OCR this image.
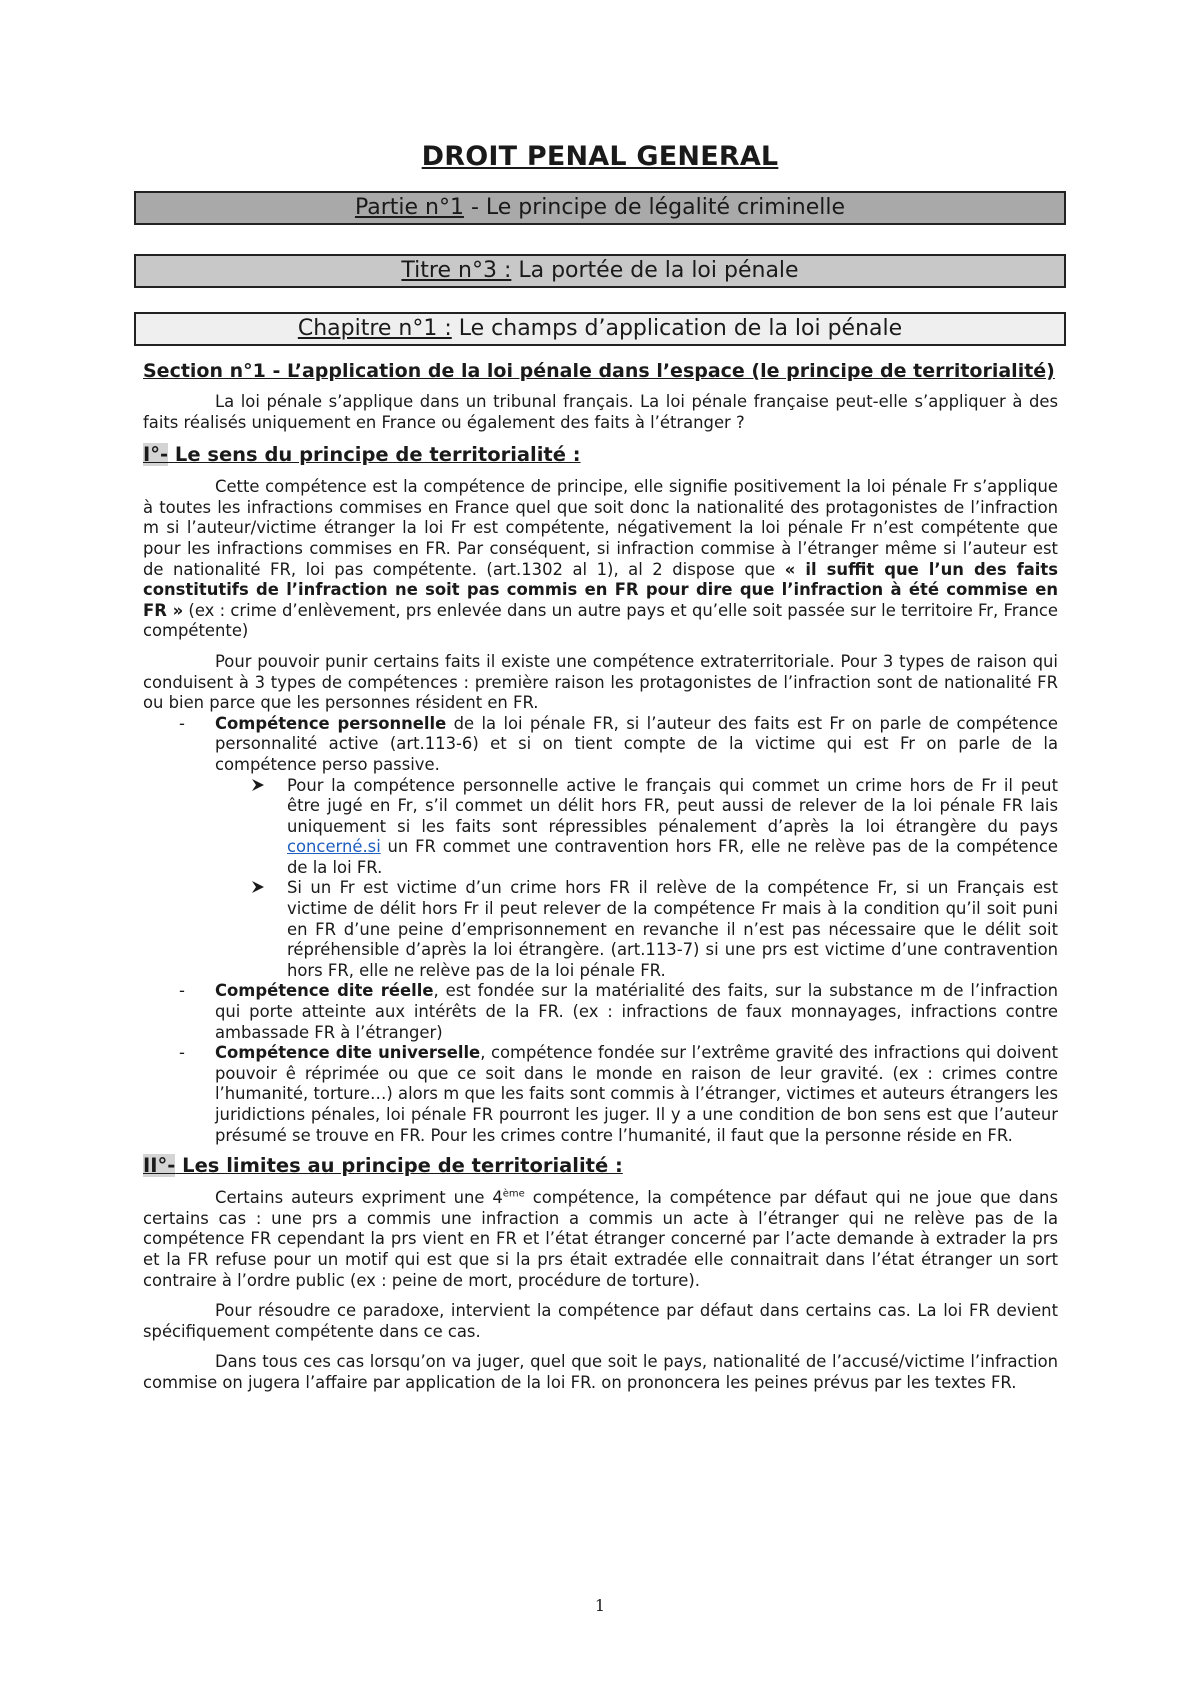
DROIT PENAL GENERAL
Partie n°1 - Le principe de légalité criminelle
Titre n°3 : La portée de la loi pénale
Chapitre n°1 : Le champs d’application de la loi pénale
Section n°1 - L’application de la loi pénale dans l’espace (le principe de territorialité)

La loi pénale s’applique dans un tribunal français. La loi pénale française peut-elle s’appliquer à des faits réalisés uniquement en France ou également des faits à l’étranger ?

I°- Le sens du principe de territorialité :

Cette compétence est la compétence de principe, elle signifie positivement la loi pénale Fr s’applique à toutes les infractions commises en France quel que soit donc la nationalité des protagonistes de l’infraction m si l’auteur/victime étranger la loi Fr est compétente, négativement la loi pénale Fr n’est compétente que pour les infractions commises en FR. Par conséquent, si infraction commise à l’étranger même si l’auteur est de nationalité FR, loi pas compétente. (art.1302 al 1), al 2 dispose que « il suffit que l’un des faits constitutifs de l’infraction ne soit pas commis en FR pour dire que l’infraction à été commise en FR » (ex : crime d’enlèvement, prs enlevée dans un autre pays et qu’elle soit passée sur le territoire Fr, France compétente)

Pour pouvoir punir certains faits il existe une compétence extraterritoriale. Pour 3 types de raison qui conduisent à 3 types de compétences : première raison les protagonistes de l’infraction sont de nationalité FR ou bien parce que les personnes résident en FR.

- Compétence personnelle de la loi pénale FR, si l’auteur des faits est Fr on parle de compétence personnalité active (art.113-6) et si on tient compte de la victime qui est Fr on parle de la compétence perso passive.
Pour la compétence personnelle active le français qui commet un crime hors de Fr il peut être jugé en Fr, s’il commet un délit hors FR, peut aussi de relever de la loi pénale FR lais uniquement si les faits sont répressibles pénalement d’après la loi étrangère du pays concerné.si un FR commet une contravention hors FR, elle ne relève pas de la compétence de la loi FR.
Si un Fr est victime d’un crime hors FR il relève de la compétence Fr, si un Français est victime de délit hors Fr il peut relever de la compétence Fr mais à la condition qu’il soit puni en FR d’une peine d’emprisonnement en revanche il n’est pas nécessaire que le délit soit répréhensible d’après la loi étrangère. (art.113-7) si une prs est victime d’une contravention hors FR, elle ne relève pas de la loi pénale FR.
- Compétence dite réelle, est fondée sur la matérialité des faits, sur la substance m de l’infraction qui porte atteinte aux intérêts de la FR. (ex : infractions de faux monnayages, infractions contre ambassade FR à l’étranger)
- Compétence dite universelle, compétence fondée sur l’extrême gravité des infractions qui doivent pouvoir ê réprimée ou que ce soit dans le monde en raison de leur gravité. (ex : crimes contre l’humanité, torture…) alors m que les faits sont commis à l’étranger, victimes et auteurs étrangers les juridictions pénales, loi pénale FR pourront les juger. Il y a une condition de bon sens est que l’auteur présumé se trouve en FR. Pour les crimes contre l’humanité, il faut que la personne réside en FR.
II°- Les limites au principe de territorialité :

Certains auteurs expriment une 4ème compétence, la compétence par défaut qui ne joue que dans certains cas : une prs a commis une infraction a commis un acte à l’étranger qui ne relève pas de la compétence FR cependant la prs vient en FR et l’état étranger concerné par l’acte demande à extrader la prs et la FR refuse pour un motif qui est que si la prs était extradée elle connaitrait dans l’état étranger un sort contraire à l’ordre public (ex : peine de mort, procédure de torture).

Pour résoudre ce paradoxe, intervient la compétence par défaut dans certains cas. La loi FR devient spécifiquement compétente dans ce cas.

Dans tous ces cas lorsqu’on va juger, quel que soit le pays, nationalité de l’accusé/victime l’infraction commise on jugera l’affaire par application de la loi FR. on prononcera les peines prévus par les textes FR.

1
